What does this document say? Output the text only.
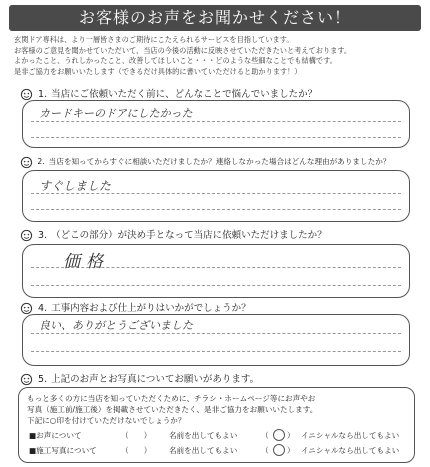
お客様のお声をお聞かせください！
玄関ドア専科は、より一層皆さまのご期待にこたえられるサービスを目指しています。
お客様のご意見を聞かせていただいて、当店の今後の活動に反映させていただきたいと考えております。
よかったこと、うれしかったこと、改善してほしいこと・・・どのような些細なことでも結構です。
是非ご協力をお願いいたします（できるだけ具体的に書いていただけると助かります！）
1. 当店にご依頼いただく前に、どんなことで悩んでいましたか？
カードキーのドアにしたかった
2. 当店を知ってからすぐに相談いただけましたか？連絡しなかった場合はどんな理由がありましたか？
すぐしました
3. （どこの部分）が決め手となって当店に依頼いただけましたか？
価格
4. 工事内容および仕上がりはいかがでしょうか？
良い、ありがとうございました
5. 上記のお声とお写真についてお願いがあります。
もっと多くの方に当店を知っていただくために、チラシ・ホームページ等にお声やお
写真（施工前/施工後）を掲載させていただきたく、是非ご協力をお願いいたします。
下記に○印を付けていただけないでしょうか？
■お声について	（　　） 名前を出してもよい	（ ） イニシャルなら出してもよい
■施工写真について	（　　） 名前を出してもよい	（ ） イニシャルなら出してもよい
